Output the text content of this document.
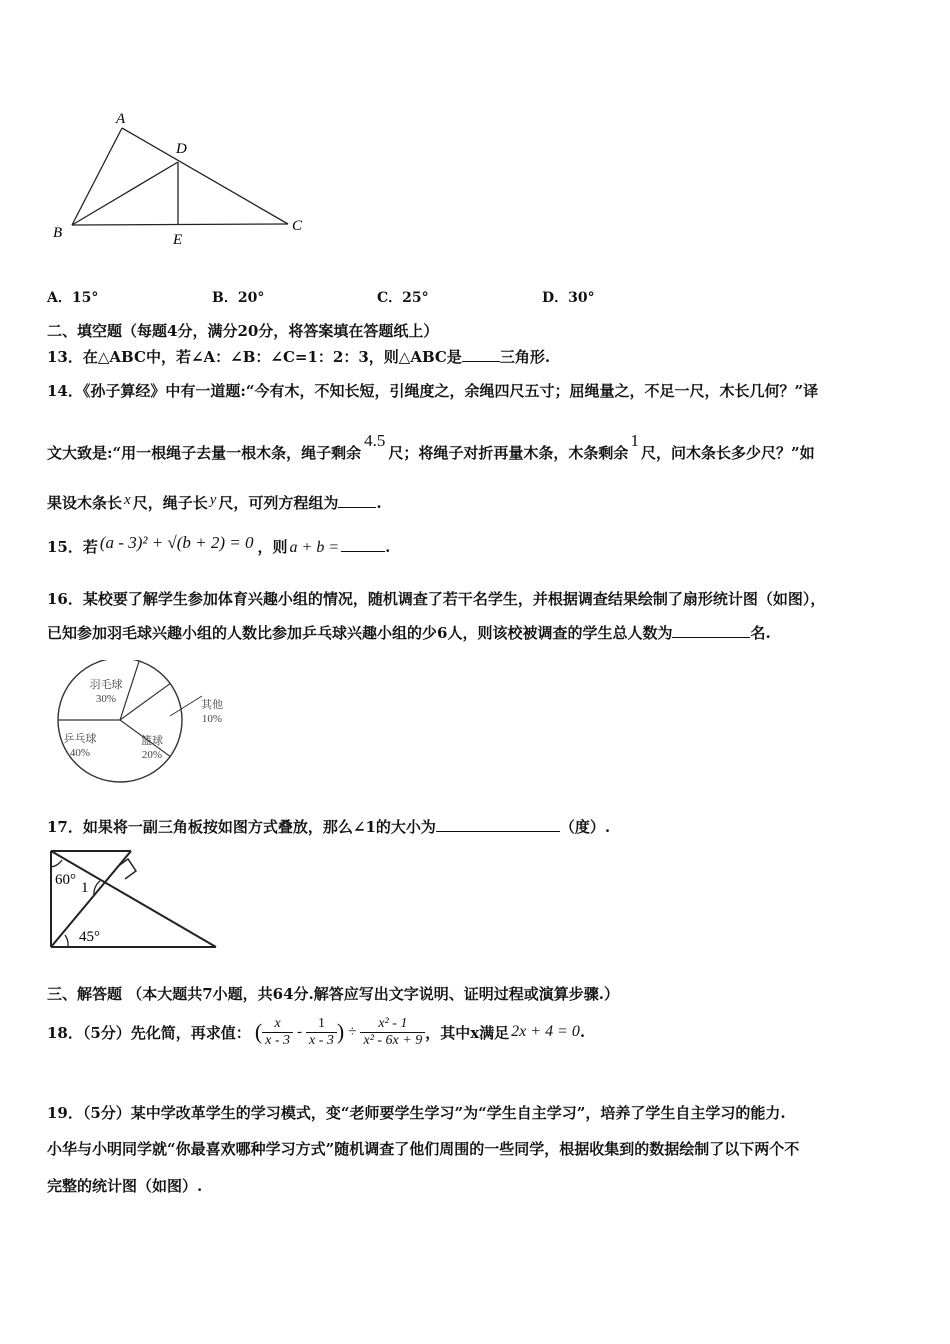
A
D
B	E
C
A．15°	B．20°	C．25°	D．30°
二、填空题（每题4分，满分20分，将答案填在答题纸上）
13．在△ABC中，若∠A：∠B：∠C=1：2：3，则△ABC是	三角形.
14．《孙子算经》中有一道题:“今有木，不知长短，引绳度之，余绳四尺五寸；屈绳量之，不足一尺，木长几何？”译
文大致是:“用一根绳子去量一根木条，绳子剩余4.5尺；将绳子对折再量木条，木条剩余1尺，问木条长多少尺？”如
果设木条长 x 尺，绳子长 y 尺，可列方程组为	.
15．若 (a - 3)² + √(b + 2) = 0 ，则 a + b =	.
16．某校要了解学生参加体育兴趣小组的情况，随机调查了若干名学生，并根据调查结果绘制了扇形统计图（如图），
已知参加羽毛球兴趣小组的人数比参加乒乓球兴趣小组的少6人，则该校被调查的学生总人数为	名.
羽毛球
30%	其他
10%
篮球
20%
乒乓球
40%
17．如果将一副三角板按如图方式叠放，那么∠1的大小为	（度）.
60° 1
45°
三、解答题 （本大题共7小题，共64分.解答应写出文字说明、证明过程或演算步骤.）
18．（5分）先化简，再求值： ( $\frac{x}{x - 3} - \frac{1}{x - 3}$ ) ÷ $\frac{\text{x² - 1}}{\text{x² - 6x + 9}}$ ，其中x满足 2x + 4 = 0 .
19．（5分）某中学改革学生的学习模式，变“老师要学生学习”为“学生自主学习”，培养了学生自主学习的能力.
小华与小明同学就“你最喜欢哪种学习方式”随机调查了他们周围的一些同学，根据收集到的数据绘制了以下两个不
完整的统计图（如图）.
